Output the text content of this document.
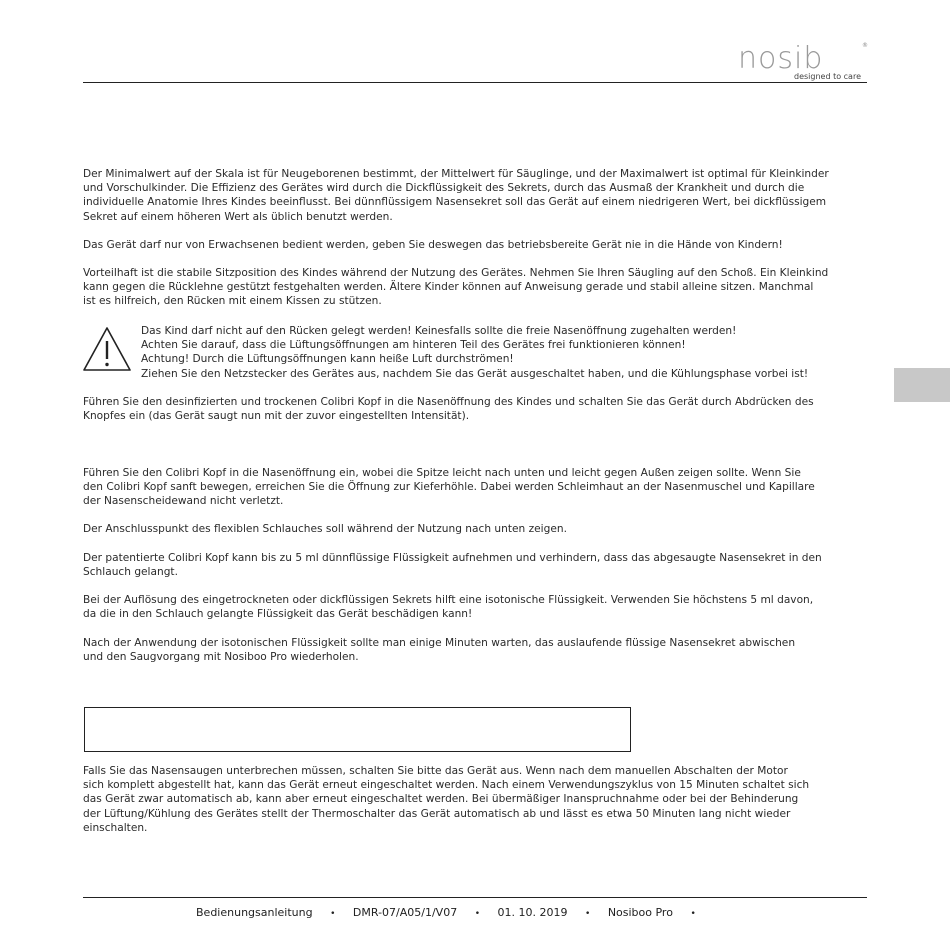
nosib	®
designed to care

Der Minimalwert auf der Skala ist für Neugeborenen bestimmt, der Mittelwert für Säuglinge, und der Maximalwert ist optimal für Kleinkinder
und Vorschulkinder. Die Effizienz des Gerätes wird durch die Dickflüssigkeit des Sekrets, durch das Ausmaß der Krankheit und durch die
individuelle Anatomie Ihres Kindes beeinflusst. Bei dünnflüssigem Nasensekret soll das Gerät auf einem niedrigeren Wert, bei dickflüssigem
Sekret auf einem höheren Wert als üblich benutzt werden.

Das Gerät darf nur von Erwachsenen bedient werden, geben Sie deswegen das betriebsbereite Gerät nie in die Hände von Kindern!

Vorteilhaft ist die stabile Sitzposition des Kindes während der Nutzung des Gerätes. Nehmen Sie Ihren Säugling auf den Schoß. Ein Kleinkind
kann gegen die Rücklehne gestützt festgehalten werden. Ältere Kinder können auf Anweisung gerade und stabil alleine sitzen. Manchmal
ist es hilfreich, den Rücken mit einem Kissen zu stützen.

Das Kind darf nicht auf den Rücken gelegt werden! Keinesfalls sollte die freie Nasenöffnung zugehalten werden!
Achten Sie darauf, dass die Lüftungsöffnungen am hinteren Teil des Gerätes frei funktionieren können!
Achtung! Durch die Lüftungsöffnungen kann heiße Luft durchströmen!
Ziehen Sie den Netzstecker des Gerätes aus, nachdem Sie das Gerät ausgeschaltet haben, und die Kühlungsphase vorbei ist!

Führen Sie den desinfizierten und trockenen Colibri Kopf in die Nasenöffnung des Kindes und schalten Sie das Gerät durch Abdrücken des
Knopfes ein (das Gerät saugt nun mit der zuvor eingestellten Intensität).

Führen Sie den Colibri Kopf in die Nasenöffnung ein, wobei die Spitze leicht nach unten und leicht gegen Außen zeigen sollte. Wenn Sie
den Colibri Kopf sanft bewegen, erreichen Sie die Öffnung zur Kieferhöhle. Dabei werden Schleimhaut an der Nasenmuschel und Kapillare
der Nasenscheidewand nicht verletzt.

Der Anschlusspunkt des flexiblen Schlauches soll während der Nutzung nach unten zeigen.

Der patentierte Colibri Kopf kann bis zu 5 ml dünnflüssige Flüssigkeit aufnehmen und verhindern, dass das abgesaugte Nasensekret in den
Schlauch gelangt.

Bei der Auflösung des eingetrockneten oder dickflüssigen Sekrets hilft eine isotonische Flüssigkeit. Verwenden Sie höchstens 5 ml davon,
da die in den Schlauch gelangte Flüssigkeit das Gerät beschädigen kann!

Nach der Anwendung der isotonischen Flüssigkeit sollte man einige Minuten warten, das auslaufende flüssige Nasensekret abwischen
und den Saugvorgang mit Nosiboo Pro wiederholen.

Falls Sie das Nasensaugen unterbrechen müssen, schalten Sie bitte das Gerät aus. Wenn nach dem manuellen Abschalten der Motor
sich komplett abgestellt hat, kann das Gerät erneut eingeschaltet werden. Nach einem Verwendungszyklus von 15 Minuten schaltet sich
das Gerät zwar automatisch ab, kann aber erneut eingeschaltet werden. Bei übermäßiger Inanspruchnahme oder bei der Behinderung
der Lüftung/Kühlung des Gerätes stellt der Thermoschalter das Gerät automatisch ab und lässt es etwa 50 Minuten lang nicht wieder
einschalten.

Bedienungsanleitung • DMR-07/A05/1/V07 • 01. 10. 2019 • Nosiboo Pro •
